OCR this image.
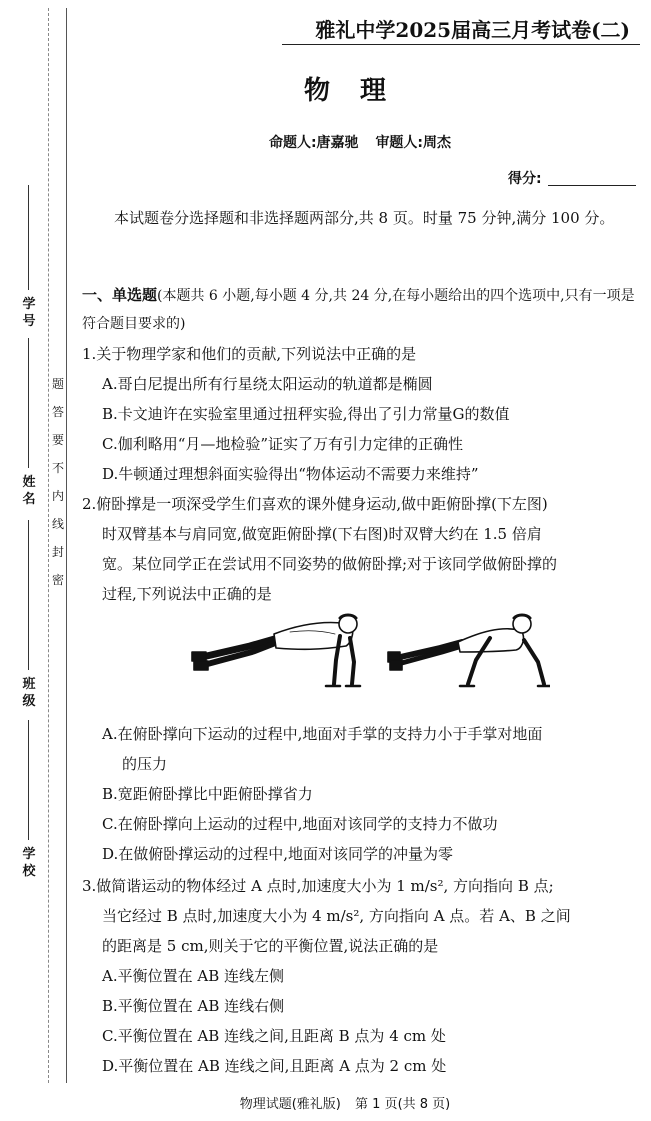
学号
姓名
班级
学校
题
答
要
不
内
线
封
密
雅礼中学2025届高三月考试卷(二)
物理
命题人:唐嘉驰 审题人:周杰
得分:
本试题卷分选择题和非选择题两部分,共 8 页。时量 75 分钟,满分 100 分。
一、单选题(本题共 6 小题,每小题 4 分,共 24 分,在每小题给出的四个选项中,只有一项是符合题目要求的)
1.关于物理学家和他们的贡献,下列说法中正确的是
A.哥白尼提出所有行星绕太阳运动的轨道都是椭圆
B.卡文迪许在实验室里通过扭秤实验,得出了引力常量G的数值
C.伽利略用“月—地检验”证实了万有引力定律的正确性
D.牛顿通过理想斜面实验得出“物体运动不需要力来维持”
2.俯卧撑是一项深受学生们喜欢的课外健身运动,做中距俯卧撑(下左图)
时双臂基本与肩同宽,做宽距俯卧撑(下右图)时双臂大约在 1.5 倍肩
宽。某位同学正在尝试用不同姿势的做俯卧撑;对于该同学做俯卧撑的
过程,下列说法中正确的是
A.在俯卧撑向下运动的过程中,地面对手掌的支持力小于手掌对地面
的压力
B.宽距俯卧撑比中距俯卧撑省力
C.在俯卧撑向上运动的过程中,地面对该同学的支持力不做功
D.在做俯卧撑运动的过程中,地面对该同学的冲量为零
3.做简谐运动的物体经过 A 点时,加速度大小为 1 m/s², 方向指向 B 点;
当它经过 B 点时,加速度大小为 4 m/s², 方向指向 A 点。若 A、B 之间
的距离是 5 cm,则关于它的平衡位置,说法正确的是
A.平衡位置在 AB 连线左侧
B.平衡位置在 AB 连线右侧
C.平衡位置在 AB 连线之间,且距离 B 点为 4 cm 处
D.平衡位置在 AB 连线之间,且距离 A 点为 2 cm 处
物理试题(雅礼版) 第 1 页(共 8 页)
